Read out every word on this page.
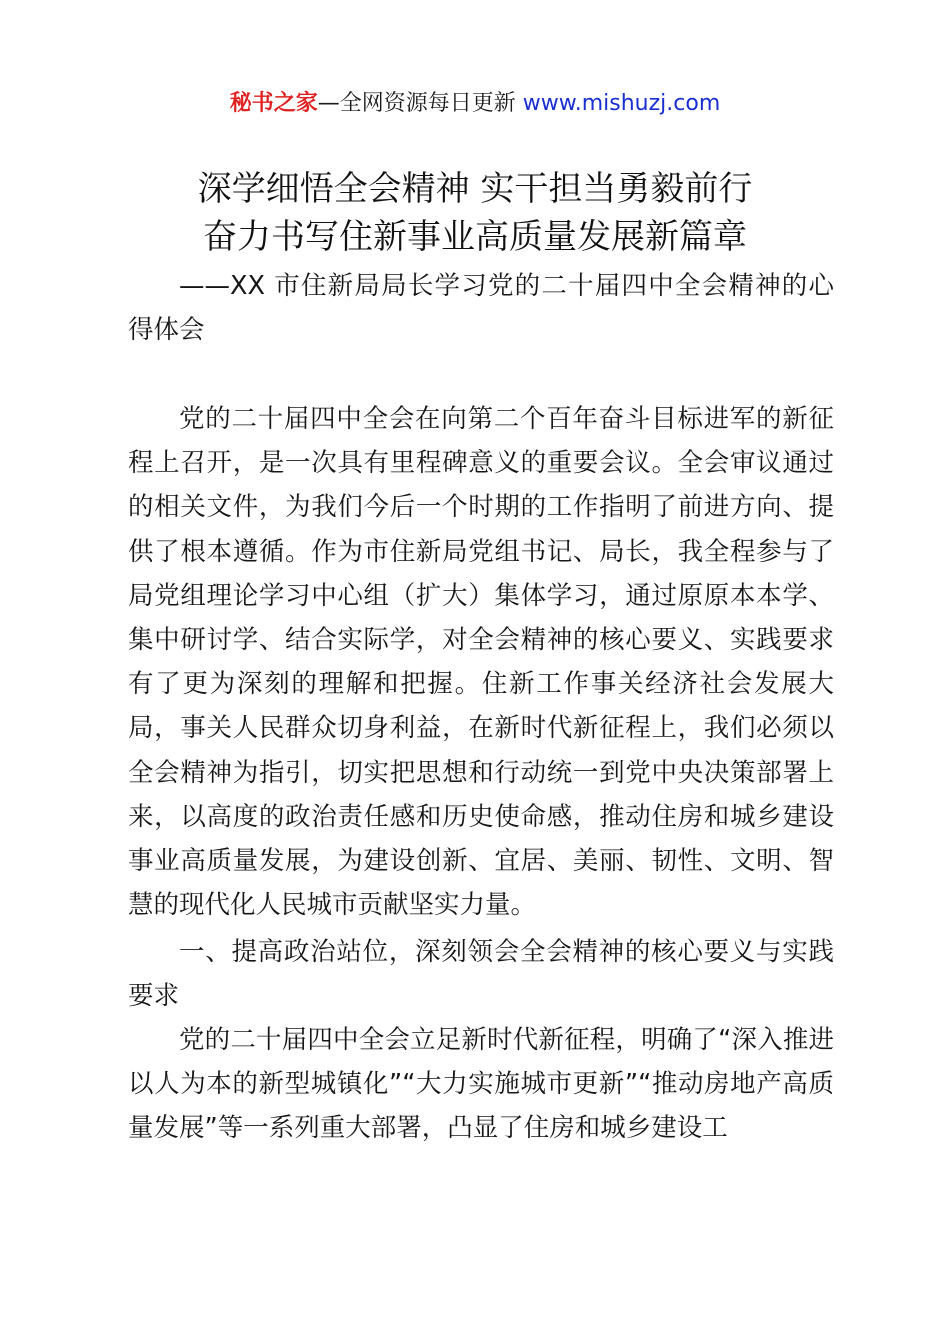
秘书之家—全网资源每日更新 www.mishuzj.com
深学细悟全会精神 实干担当勇毅前行
奋力书写住新事业高质量发展新篇章
——XX 市住新局局长学习党的二十届四中全会精神的心得体会
党的二十届四中全会在向第二个百年奋斗目标进军的新征程上召开，是一次具有里程碑意义的重要会议。全会审议通过的相关文件，为我们今后一个时期的工作指明了前进方向、提供了根本遵循。作为市住新局党组书记、局长，我全程参与了局党组理论学习中心组（扩大）集体学习，通过原原本本学、集中研讨学、结合实际学，对全会精神的核心要义、实践要求有了更为深刻的理解和把握。住新工作事关经济社会发展大局，事关人民群众切身利益，在新时代新征程上，我们必须以全会精神为指引，切实把思想和行动统一到党中央决策部署上来，以高度的政治责任感和历史使命感，推动住房和城乡建设事业高质量发展，为建设创新、宜居、美丽、韧性、文明、智慧的现代化人民城市贡献坚实力量。
一、提高政治站位，深刻领会全会精神的核心要义与实践要求
党的二十届四中全会立足新时代新征程，明确了“深入推进以人为本的新型城镇化”“大力实施城市更新”“推动房地产高质量发展”等一系列重大部署，凸显了住房和城乡建设工
